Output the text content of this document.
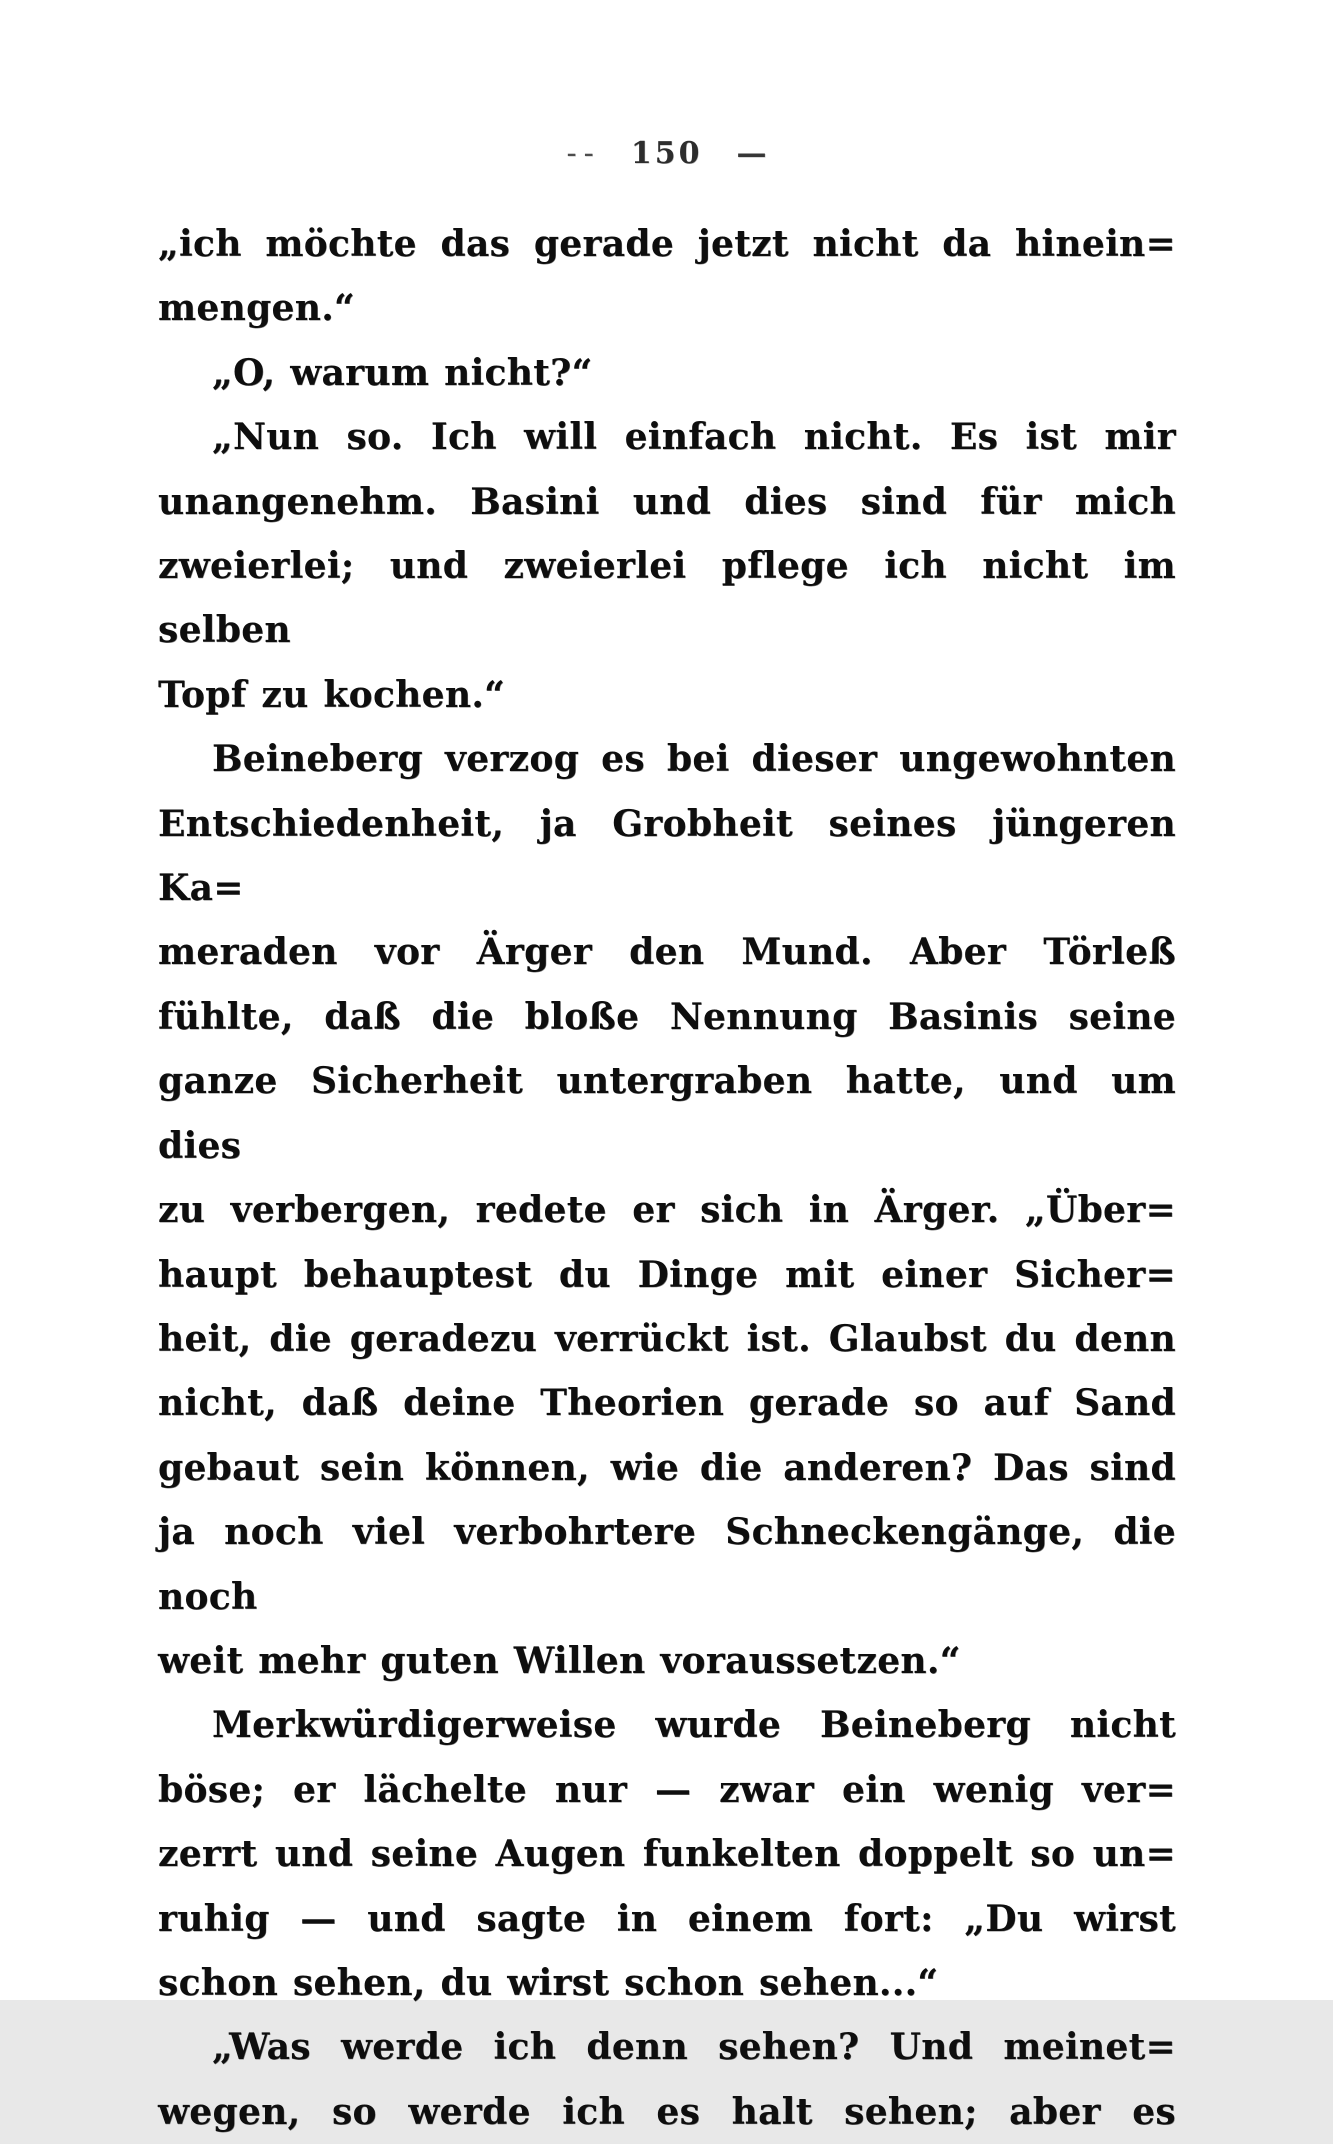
-- 150 —
„ich möchte das gerade jetzt nicht da hinein=
mengen.“
„O, warum nicht?“
„Nun so. Ich will einfach nicht. Es ist mir
unangenehm. Basini und dies sind für mich
zweierlei; und zweierlei pflege ich nicht im selben
Topf zu kochen.“
Beineberg verzog es bei dieser ungewohnten
Entschiedenheit, ja Grobheit seines jüngeren Ka=
meraden vor Ärger den Mund. Aber Törleß
fühlte, daß die bloße Nennung Basinis seine
ganze Sicherheit untergraben hatte, und um dies
zu verbergen, redete er sich in Ärger. „Über=
haupt behauptest du Dinge mit einer Sicher=
heit, die geradezu verrückt ist. Glaubst du denn
nicht, daß deine Theorien gerade so auf Sand
gebaut sein können, wie die anderen? Das sind
ja noch viel verbohrtere Schneckengänge, die noch
weit mehr guten Willen voraussetzen.“
Merkwürdigerweise wurde Beineberg nicht
böse; er lächelte nur — zwar ein wenig ver=
zerrt und seine Augen funkelten doppelt so un=
ruhig — und sagte in einem fort: „Du wirst
schon sehen, du wirst schon sehen...“
„Was werde ich denn sehen? Und meinet=
wegen, so werde ich es halt sehen; aber es
